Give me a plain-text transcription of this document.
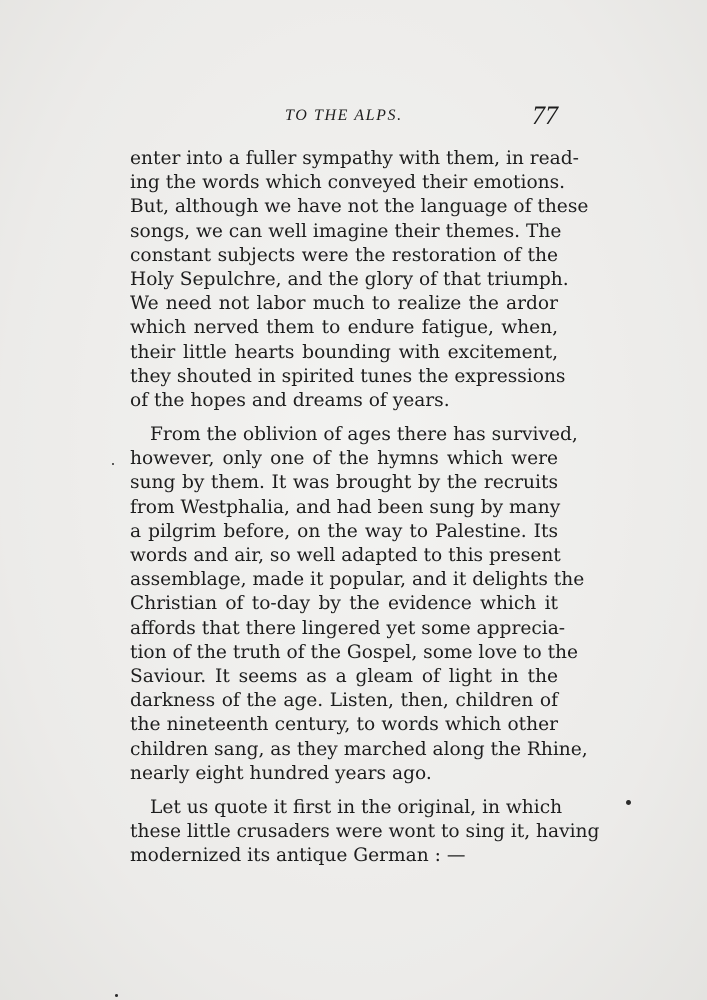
TO THE ALPS.	77
enter into a fuller sympathy with them, in read-
ing the words which conveyed their emotions.
But, although we have not the language of these
songs, we can well imagine their themes. The
constant subjects were the restoration of the
Holy Sepulchre, and the glory of that triumph.
We need not labor much to realize the ardor
which nerved them to endure fatigue, when,
their little hearts bounding with excitement,
they shouted in spirited tunes the expressions
of the hopes and dreams of years.
From the oblivion of ages there has survived,
however, only one of the hymns which were
sung by them. It was brought by the recruits
from Westphalia, and had been sung by many
a pilgrim before, on the way to Palestine. Its
words and air, so well adapted to this present
assemblage, made it popular, and it delights the
Christian of to-day by the evidence which it
affords that there lingered yet some apprecia-
tion of the truth of the Gospel, some love to the
Saviour. It seems as a gleam of light in the
darkness of the age. Listen, then, children of
the nineteenth century, to words which other
children sang, as they marched along the Rhine,
nearly eight hundred years ago.
Let us quote it first in the original, in which
these little crusaders were wont to sing it, having
modernized its antique German : —
